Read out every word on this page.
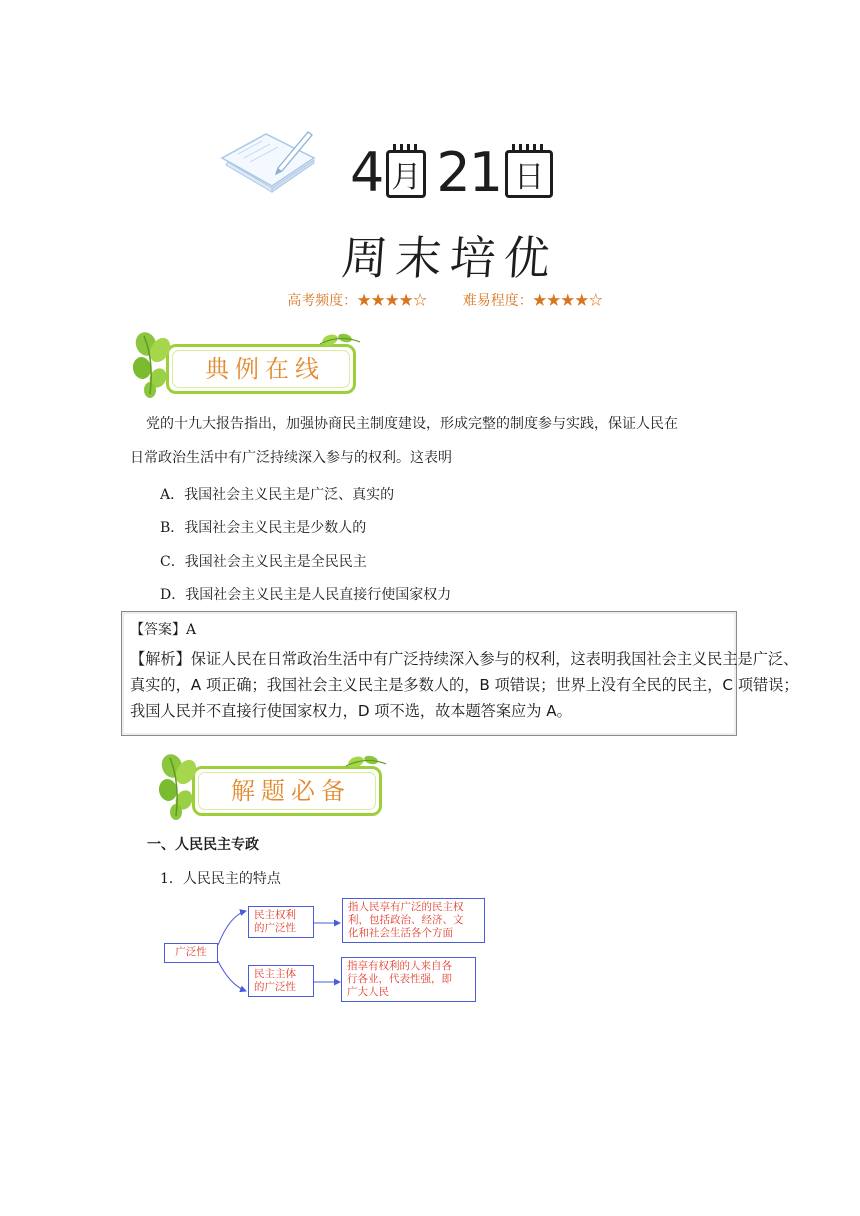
4 月 21 日
周末培优
高考频度：★★★★☆	难易程度：★★★★☆
典例在线
党的十九大报告指出，加强协商民主制度建设，形成完整的制度参与实践，保证人民在
日常政治生活中有广泛持续深入参与的权利。这表明
A．我国社会主义民主是广泛、真实的
B．我国社会主义民主是少数人的
C．我国社会主义民主是全民民主
D．我国社会主义民主是人民直接行使国家权力
【答案】A
【解析】保证人民在日常政治生活中有广泛持续深入参与的权利，这表明我国社会主义民主是广泛、
真实的，A 项正确；我国社会主义民主是多数人的，B 项错误；世界上没有全民的民主，C 项错误；
我国人民并不直接行使国家权力，D 项不选，故本题答案应为 A。
解题必备
一、人民民主专政
1．人民民主的特点
广泛性
民主权利
的广泛性
指人民享有广泛的民主权
利，包括政治、经济、文
化和社会生活各个方面
民主主体
的广泛性
指享有权利的人来自各
行各业，代表性强，即
广大人民
